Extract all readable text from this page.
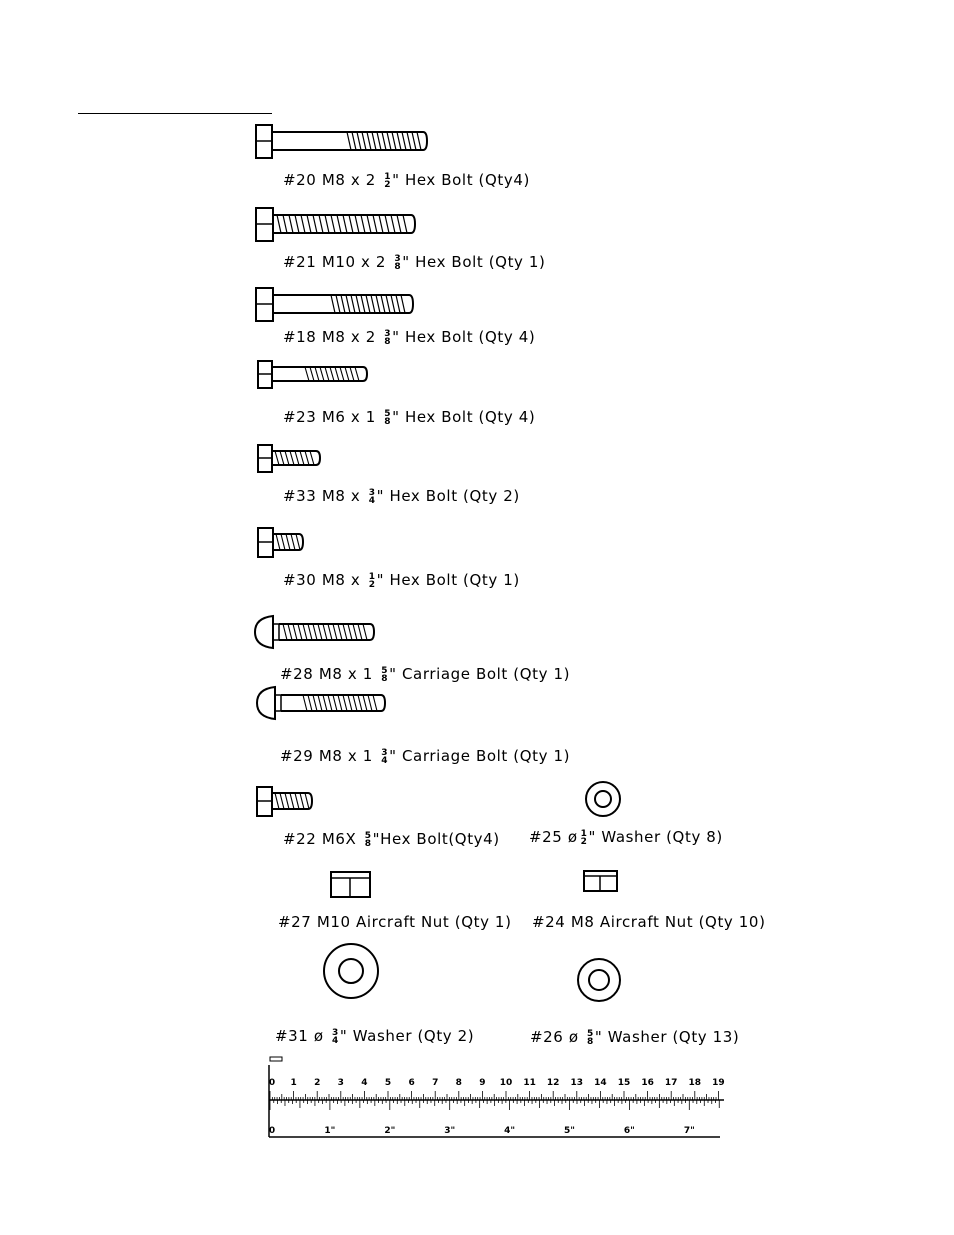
#20 M8 x 2 1
2 " Hex Bolt (Qty4)
#21 M10 x 2 3
8 " Hex Bolt (Qty 1)
#18 M8 x 2 3
8 " Hex Bolt (Qty 4)
#23 M6 x 1 5
8 " Hex Bolt (Qty 4)
#33 M8 x 3
4 " Hex Bolt (Qty 2)
#30 M8 x 1
2 " Hex Bolt (Qty 1)
#28 M8 x 1 5
8 " Carriage Bolt (Qty 1)
#29 M8 x 1 3
4 " Carriage Bolt (Qty 1)
#22 M6X 5
8 "Hex Bolt(Qty4) #25 ø 1
2 " Washer (Qty 8)
#27 M10 Aircraft Nut (Qty 1) #24 M8 Aircraft Nut (Qty 10)
#31 ø 3
4 " Washer (Qty 2)	#26 ø 5
8 " Washer (Qty 13)
0 1 2 3 4 5 6 7 8 9 10 11 12 13 14 15 16 17 18 19
0	1"	2"	3"	4"	5"	6"	7"
